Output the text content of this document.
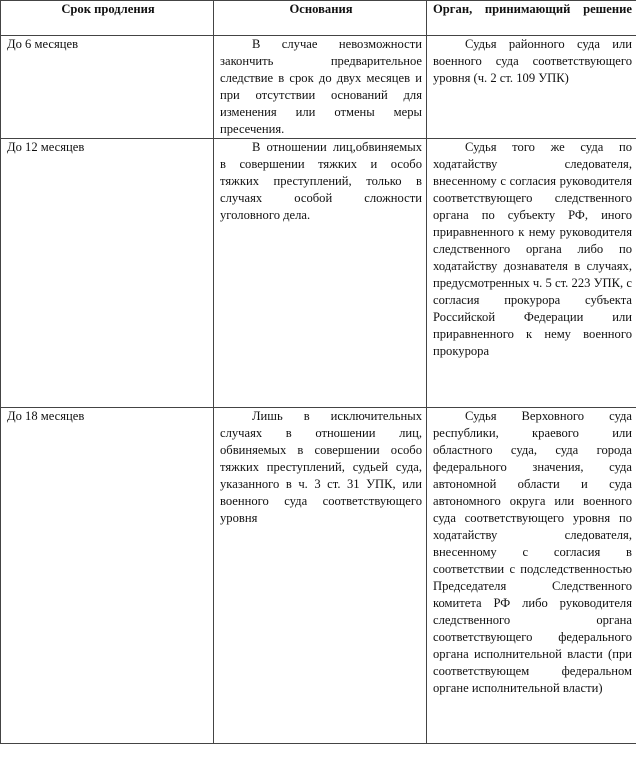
Срок продления	Основания	Орган, принимающий решение
До 6 месяцев	В случае невозможности закончить предварительное следствие в срок до двух месяцев и при отсутствии оснований для изменения или отмены меры пресечения.	Судья районного суда или военного суда соответствующего уровня (ч. 2 ст. 109 УПК)
До 12 месяцев	В отношении лиц,обвиняемых в совершении тяжких и особо тяжких преступлений, только в случаях особой сложности уголовного дела.	Судья того же суда по ходатайству следователя, внесенному с согласия руководителя соответствующего следственного органа по субъекту РФ, иного приравненного к нему руководителя следственного органа либо по ходатайству дознавателя в случаях, предусмотренных ч. 5 ст. 223 УПК, с согласия прокурора субъекта Российской Федерации или приравненного к нему военного прокурора
До 18 месяцев	Лишь в исключительных случаях в отношении лиц, обвиняемых в совершении особо тяжких преступлений, судьей суда, указанного в ч. 3 ст. 31 УПК, или военного суда соответствующего уровня	Судья Верховного суда республики, краевого или областного суда, суда города федерального значения, суда автономной области и суда автономного округа или военного суда соответствующего уровня по ходатайству следователя, внесенному с согласия в соответствии с подследственностью Председателя Следственного комитета РФ либо руководителя следственного органа соответствующего федерального органа исполнительной власти (при соответствующем федеральном органе исполнительной власти)
